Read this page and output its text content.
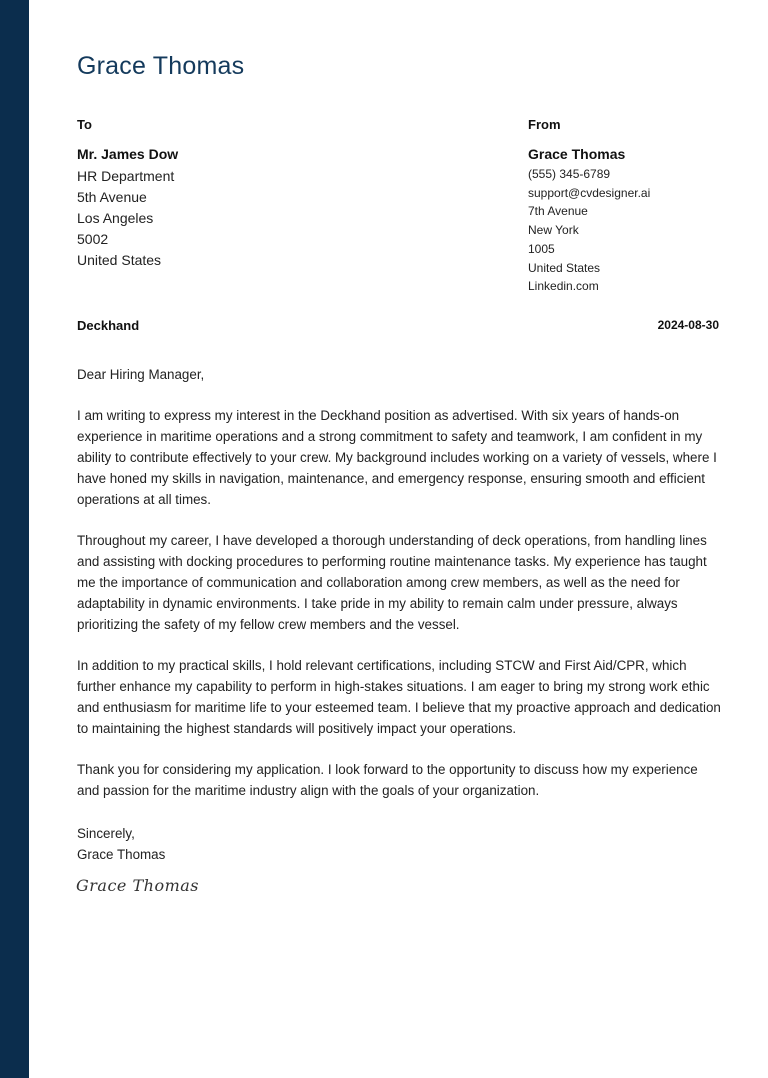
Grace Thomas
To
Mr. James Dow
HR Department
5th Avenue
Los Angeles
5002
United States
From
Grace Thomas
(555) 345-6789
support@cvdesigner.ai
7th Avenue
New York
1005
United States
Linkedin.com
Deckhand	2024-08-30

Dear Hiring Manager,

I am writing to express my interest in the Deckhand position as advertised. With six years of hands-on experience in maritime operations and a strong commitment to safety and teamwork, I am confident in my ability to contribute effectively to your crew. My background includes working on a variety of vessels, where I have honed my skills in navigation, maintenance, and emergency response, ensuring smooth and efficient operations at all times.

Throughout my career, I have developed a thorough understanding of deck operations, from handling lines and assisting with docking procedures to performing routine maintenance tasks. My experience has taught me the importance of communication and collaboration among crew members, as well as the need for adaptability in dynamic environments. I take pride in my ability to remain calm under pressure, always prioritizing the safety of my fellow crew members and the vessel.

In addition to my practical skills, I hold relevant certifications, including STCW and First Aid/CPR, which further enhance my capability to perform in high-stakes situations. I am eager to bring my strong work ethic and enthusiasm for maritime life to your esteemed team. I believe that my proactive approach and dedication to maintaining the highest standards will positively impact your operations.

Thank you for considering my application. I look forward to the opportunity to discuss how my experience and passion for the maritime industry align with the goals of your organization.

Sincerely,
Grace Thomas
Grace Thomas
